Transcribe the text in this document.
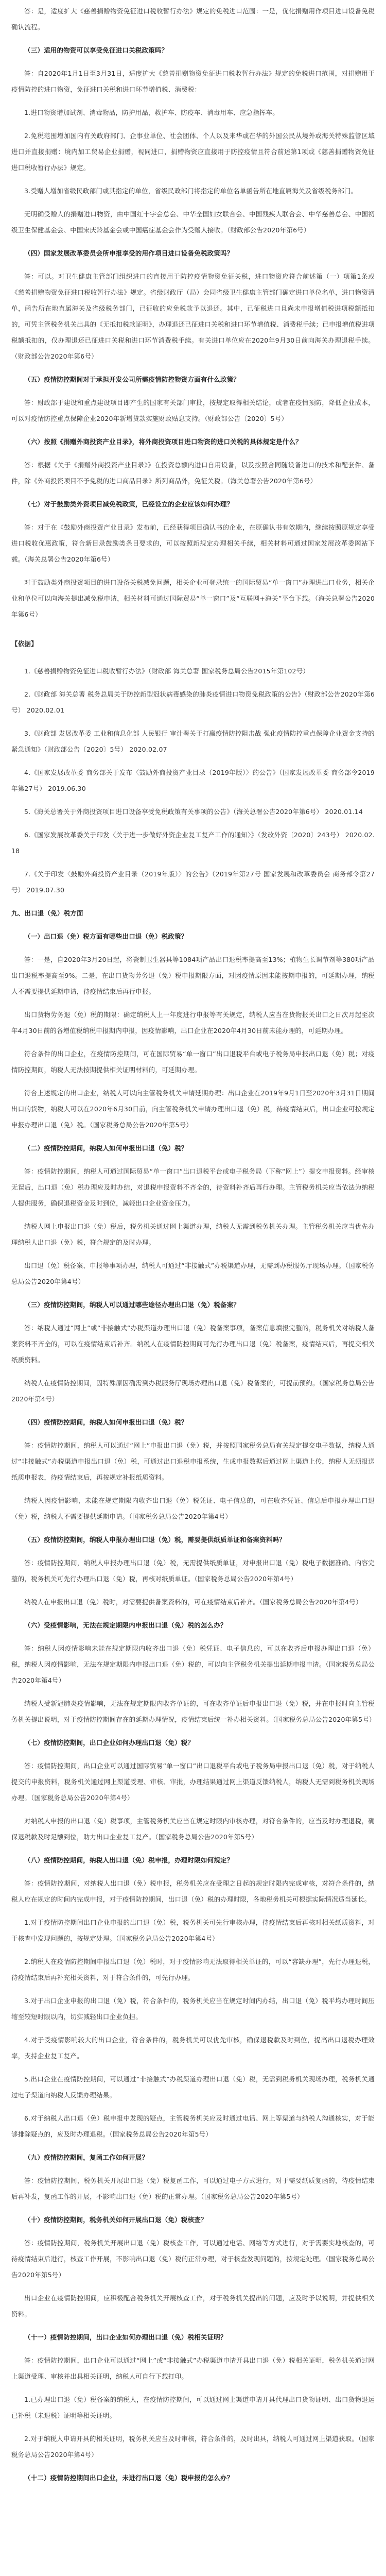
答：是，适度扩大《慈善捐赠物资免征进口税收暂行办法》规定的免税进口范围：一是，优化捐赠用作项目进口设备免税确认流程。

（三）适用的物资可以享受免征进口关税政策吗？

答：自2020年1月1日至3月31日，适度扩大《慈善捐赠物资免征进口税收暂行办法》规定的免税进口范围，对捐赠用于疫情防控的进口物资，免征进口关税和进口环节增值税、消费税：

1.进口物资增加试剂、消毒物品，防护用品，救护车、防疫车、消毒用车、应急指挥车。

2.免税范围增加国内有关政府部门、企事业单位、社会团体、个人以及来华或在华的外国公民从境外或海关特殊监管区域进口并直接捐赠：境内加工贸易企业捐赠，视同进口，捐赠物资应直接用于防控疫情且符合前述第1项或《慈善捐赠物资免征进口税收暂行办法》规定。

3.受赠人增加省级民政部门或其指定的单位，省级民政部门将指定的单位名单函告所在地直属海关及省级税务部门。

无明确受赠人的捐赠进口物资，由中国红十字会总会、中华全国妇女联合会、中国残疾人联合会、中华慈善总会、中国初级卫生保健基金会、中国宋庆龄基金会或中国癌症基金会作为受赠人接收。（财政部公告2020年第6号）

（四）国家发展改革委员会所申报享受的用作项目进口设备免税政策吗？

答：可以。对卫生健康主管部门组织进口的直接用于防控疫情物资免征关税，进口物资应符合前述第（一）项第1条或《慈善捐赠物资免征进口税收暂行办法》规定。省级财政厅（局）会同省级卫生健康主管部门确定进口单位名单，进口物资清单，函告所在地直属海关及省级税务部门，已征收的应免税款予以退还。其中，已征税进口且尚未申报增值税进项税额抵扣的，可凭主管税务机关出具的《无抵扣税款证明》，办理退还已征进口关税和进口环节增值税、消费税手续；已申报增值税进项税额抵扣的，仅办理退还已征进口关税和进口环节消费税手续。有关进口单位应在2020年9月30日前向海关办理退税手续。（财政部公告2020年第6号）

（五）疫情防控期间对于承担开发公司所需疫情防控物资方面有什么政策？

答：财政部于建设和重点建设项目即产生的国家有关部门审批，按规定取得相关结论，或者在疫情预防，降低企业成本，可以对疫情防控重点保障企业2020年新增贷款实施财政贴息支持。（财政部公告〔2020〕5号）

（六）按照《捐赠外商投资产业目录》，将外商投资项目进口物资的进口关税的具体规定是什么？

答：根据《关于《捐赠外商投资产业目录》》在投资总额内进口自用设备，以及按照合同随设备进口的技术和配套件、备件，除《外商投资项目不予免税的进口商品目录》所列商品外，免征关税。（海关总署公告2020年第6号）

（七）对于鼓励类外资项目减免税政策，已经设立的企业应该如何办理？

答：对于在《鼓励外商投资产业目录》发布前，已经获得项目确认书的企业，在原确认书有效期内，继续按照原规定享受进口税收优惠政策，符合新目录鼓励类条目要求的，可以按照新规定办理相关手续，相关材料可通过国家发展改革委网站下载。（海关总署公告2020年第6号）

对于鼓励类外商投资项目的进口设备关税减免问题，相关企业可登录统一的国际贸易“单一窗口”办理进出口业务，相关企业和单位可以向海关提出减免税申请，相关材料可通过国际贸易“单一窗口”及“互联网+海关”平台下载。（海关总署公告2020年第6号）

【依据】

1.《慈善捐赠物资免征进口税收暂行办法》（财政部 海关总署 国家税务总局公告2015年第102号）

2.《财政部 海关总署 税务总局关于防控新型冠状病毒感染的肺炎疫情进口物资免税政策的公告》（财政部公告2020年第6号） 2020.02.01

3.《财政部 发展改革委 工业和信息化部 人民银行 审计署关于打赢疫情防控阻击战 强化疫情防控重点保障企业资金支持的紧急通知》（财政部公告〔2020〕5号） 2020.02.07

4.《国家发展改革委 商务部关于发布〈鼓励外商投资产业目录（2019年版）〉的公告》（国家发展改革委 商务部令2019年第27号） 2019.06.30

5.《海关总署关于外商投资项目进口设备享受免税政策有关事项的公告》（海关总署公告2020年第6号） 2020.01.14

6.《国家发展改革委关于印发〈关于进一步做好外资企业复工复产工作的通知〉》（发改外资〔2020〕243号） 2020.02.18

7.《关于印发〈鼓励外商投资产业目录（2019年版）〉的公告》（2019年第27号 国家发展和改革委员会 商务部令第27号） 2019.07.30

九、出口退（免）税方面

（一）出口退（免）税方面有哪些出口退（免）税政策？

答：一是，自2020年3月20日起，将瓷制卫生器具等1084项产品出口退税率提高至13%；植物生长调节剂等380项产品出口退税率提高至9%。二是，在出口货物劳务退（免）税申报期限方面，对因疫情原因未能按期申报的，可延期办理，纳税人不需要提供延期申请，待疫情结束后再行申报。

出口货物劳务退（免）税的期限：确定纳税人上一年度进行申报等有关规定，纳税人应当在货物报关出口之日次月起至次年4月30日前的各增值税纳税申报期内申报，因疫情影响，出口企业在2020年4月30日前未能办理的，可延期办理。

符合条件的出口企业，在疫情防控期间，可在国际贸易“单一窗口”出口退税平台或电子税务局申报出口退（免）税；对疫情防控期间，纳税人无法按期提供相关证明材料的，可延期办理。

符合上述规定的出口企业，纳税人可以向主管税务机关申请延期办理：出口企业在2019年9月1日至2020年3月31日期间出口的货物，纳税人可以在2020年6月30日前，向主管税务机关申请办理出口退（免）税，待疫情结束后，出口企业可按规定申报办理出口退（免）税。（国家税务总局公告2020年第5号）

（二）疫情防控期间，纳税人如何申报出口退（免）税？

答：疫情防控期间，纳税人可通过国际贸易“单一窗口”出口退税平台或电子税务局（下称“网上”）提交申报资料。经审核无误后，出口退（免）税办理应及时办结，对退税申报资料不齐全的，待资料补齐后再行办理。主管税务机关应当依法为纳税人提供服务，确保退税资金及时到位，减轻出口企业资金压力。

纳税人网上申报出口退（免）税后，税务机关通过网上渠道办理，纳税人无需到税务机关办理。主管税务机关应当优先办理纳税人出口退（免）税，符合规定的及时办理。

出口退（免）税备案、申报等事项办理，纳税人可通过“非接触式”办税渠道办理，无需到办税服务厅现场办理。（国家税务总局公告2020年第4号）

（三）疫情防控期间，纳税人可以通过哪些途径办理出口退（免）税备案？

答：纳税人通过“网上”或“非接触式”办税渠道办理出口退（免）税备案事项，备案信息填报完整的，税务机关对纳税人备案资料不齐全的，可以在疫情结束后补齐。纳税人在疫情防控期间可先行办理出口退（免）税备案，疫情结束后，再提交相关纸质资料。

纳税人在疫情防控期间，因特殊原因确需到办税服务厅现场办理出口退（免）税备案的，可提前预约。（国家税务总局公告2020年第4号）

（四）疫情防控期间，纳税人如何申报出口退（免）税？

答：疫情防控期间，纳税人可以通过“网上”申报出口退（免）税，并按照国家税务总局有关规定提交电子数据，纳税人通过“非接触式”办税渠道申报出口退（免）税，可通过出口退税申报系统，生成申报数据后通过网上渠道上传，纳税人无须报送纸质申报表，待疫情结束后，再按规定补报纸质资料。

纳税人因疫情影响，未能在规定期限内收齐出口退（免）税凭证、电子信息的，可在收齐凭证、信息后申报办理出口退（免）税，纳税人不需要提供延期申请。（国家税务总局公告2020年第4号）

（五）疫情防控期间，纳税人申报办理出口退（免）税，需要提供纸质单证和备案资料吗？

答：疫情防控期间，纳税人申报办理出口退（免）税，无需提供纸质单证，对申报出口退（免）税电子数据准确、内容完整的，税务机关可先行办理出口退（免）税，再核对纸质单证。（国家税务总局公告2020年第4号）

纳税人在申报出口退（免）税时，对需要提供备案资料的，可在疫情结束后补齐。（国家税务总局公告2020年第4号）

（六）受疫情影响，无法在规定期限内申报出口退（免）税的怎么办？

答：纳税人因疫情影响未能在规定期限内收齐出口退（免）税凭证、电子信息的，可以在收齐后申报办理出口退（免）税，纳税人因疫情影响，无法在规定期限内申报出口退（免）税的，可以向主管税务机关提出延期申报申请。（国家税务总局公告2020年第4号）

纳税人受新冠肺炎疫情影响，无法在规定期限内收齐单证的，可在收齐单证后申报出口退（免）税，并在申报时向主管税务机关提出说明，对于疫情防控期间存在的延期办理情况，疫情结束后统一补办相关资料。（国家税务总局公告2020年第5号）

（七）疫情防控期间，出口企业如何办理出口退（免）税？

答：疫情防控期间，出口企业可以通过国际贸易“单一窗口”出口退税平台或电子税务局申报出口退（免）税，对于纳税人提交的申报资料，税务机关通过网上渠道受理、审核、审批，办理结果通过网上渠道反馈纳税人，纳税人无需到税务机关现场办理。（国家税务总局公告2020年第4号）

对纳税人申报的出口退（免）税事项，主管税务机关应当在规定时限内审核办理，对符合条件的，应当及时办理退税，确保退税款及时足额到位，助力出口企业复工复产。（国家税务总局公告2020年第5号）

（八）疫情防控期间，纳税人出口退（免）税申报，办理时限如何规定？

答：疫情防控期间，对纳税人出口退（免）税申报，税务机关应在受理之日起的规定时限内完成审核，对符合条件的，纳税人应在规定的时间内完成申报，对于疫情防控期间，出口退（免）税的办理时限，各地税务机关可根据实际情况适当延长。

1.对于疫情防控期间出口企业申报的出口退（免）税，税务机关可先行审核办理，待疫情结束后再核对相关纸质资料，对于核查中发现问题的，按规定处理。（国家税务总局公告2020年第4号）

2.纳税人在疫情防控期间申报出口退（免）税时，对于疫情影响无法取得相关单证的，可以“容缺办理”，先行办理退税，待疫情结束后再补充相关资料，对于符合条件的，可先行办理。

3.对于出口企业申报的出口退（免）税，符合条件的，税务机关应当在规定时间内办结，出口退（免）税平均办理时间压缩至较短时限以内，切实减轻出口企业负担。

4.对于受疫情影响较大的出口企业，符合条件的，税务机关可以优先审核，确保退税款及时到位，提高出口退税办理效率，支持企业复工复产。

5.出口企业在疫情防控期间，可以通过“非接触式”办税渠道办理出口退（免）税，无需到税务机关现场办理，税务机关通过电子渠道向纳税人反馈办理结果。

6.对于纳税人出口退（免）税申报中发现的疑点，主管税务机关应及时通过电话、网上等渠道与纳税人沟通核实，对于能够排除疑点的，应及时办理退税。（国家税务总局公告2020年第5号）

（九）疫情防控期间，复函工作如何开展？

答：疫情防控期间，税务机关开展出口退（免）税复函工作，可以通过电子方式进行，对于需要纸质复函的，待疫情结束后再补发，复函工作的开展，不影响出口退（免）税的正常办理。（国家税务总局公告2020年第5号）

（十）疫情防控期间，税务机关如何开展出口退（免）税核查？

答：疫情防控期间，税务机关开展出口退（免）税核查工作，可以通过电话、网络等方式进行，对于需要实地核查的，可待疫情结束后进行，核查工作开展，不影响出口退（免）税的正常办理，对于核查发现问题的，按规定处理。（国家税务总局公告2020年第5号）

出口企业在疫情防控期间，应积极配合税务机关开展核查工作，对于税务机关提出的问题，应及时予以说明，并提供相关资料。

（十一）疫情防控期间，出口企业如何办理出口退（免）税相关证明？

答：疫情防控期间，出口企业可以通过“网上”或“非接触式”办税渠道申请开具出口退（免）税相关证明，税务机关通过网上渠道受理、审核并出具相关证明，纳税人可自行下载打印。

1.已办理出口退（免）税备案的纳税人，在疫情防控期间，可以通过网上渠道申请开具代理出口货物证明、出口货物退运已补税（未退税）证明等相关证明。

2.对于纳税人申请开具的相关证明，税务机关应当及时审核，符合条件的，及时出具，纳税人可通过网上渠道获取。（国家税务总局公告2020年第4号）

（十二）疫情防控期间出口企业，未进行出口退（免）税申报的怎么办？
